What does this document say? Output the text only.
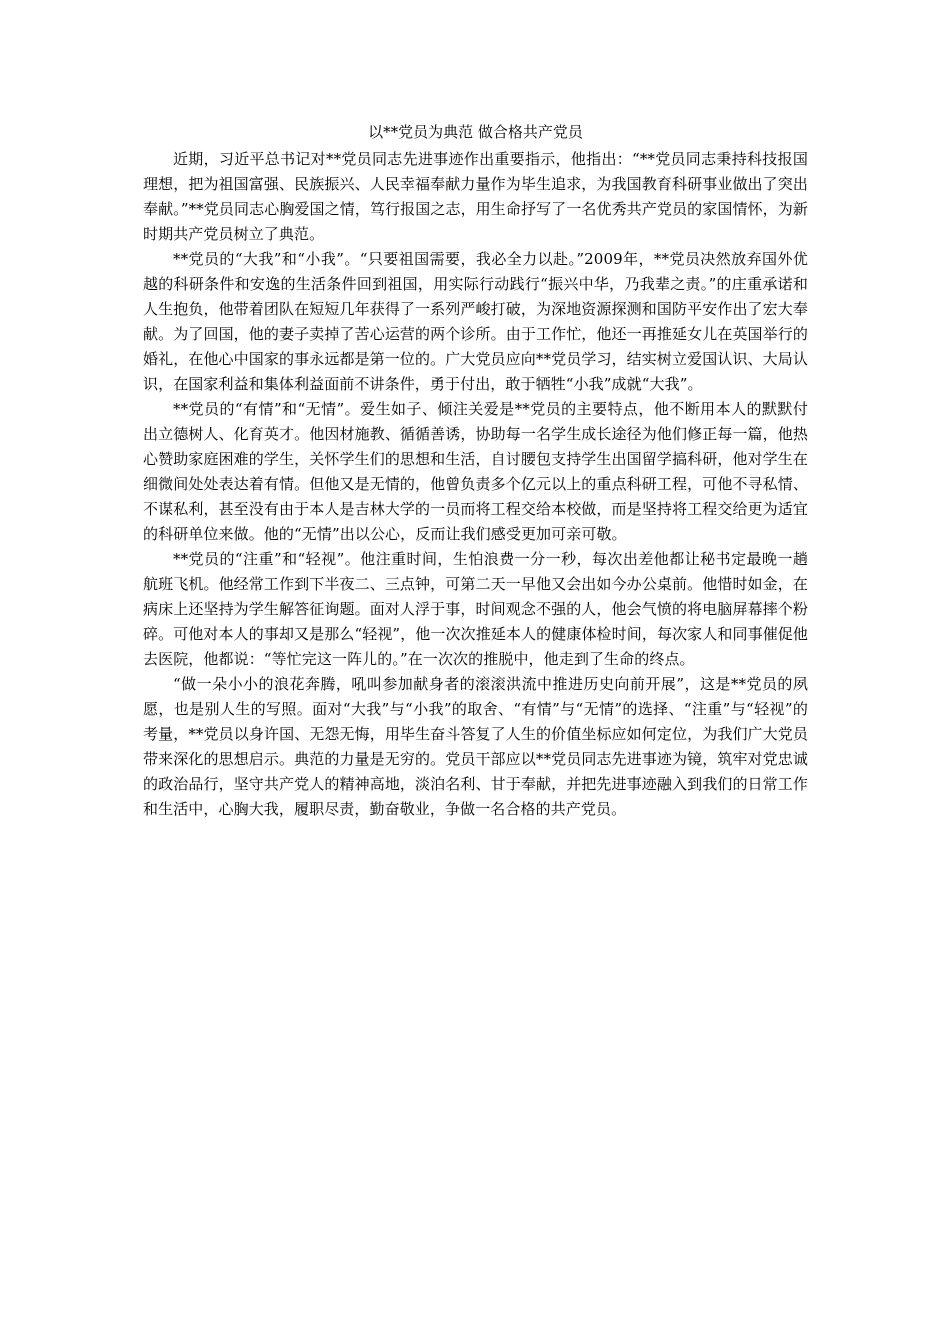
以**党员为典范 做合格共产党员

近期，习近平总书记对**党员同志先进事迹作出重要指示，他指出：“**党员同志秉持科技报国理想，把为祖国富强、民族振兴、人民幸福奉献力量作为毕生追求，为我国教育科研事业做出了突出奉献。”**党员同志心胸爱国之情，笃行报国之志，用生命抒写了一名优秀共产党员的家国情怀，为新时期共产党员树立了典范。

**党员的“大我”和“小我”。“只要祖国需要，我必全力以赴。”2009年，**党员决然放弃国外优越的科研条件和安逸的生活条件回到祖国，用实际行动践行“振兴中华，乃我辈之责。”的庄重承诺和人生抱负，他带着团队在短短几年获得了一系列严峻打破，为深地资源探测和国防平安作出了宏大奉献。为了回国，他的妻子卖掉了苦心运营的两个诊所。由于工作忙，他还一再推延女儿在英国举行的婚礼，在他心中国家的事永远都是第一位的。广大党员应向**党员学习，结实树立爱国认识、大局认识，在国家利益和集体利益面前不讲条件，勇于付出，敢于牺牲“小我”成就“大我”。

**党员的“有情”和“无情”。爱生如子、倾注关爱是**党员的主要特点，他不断用本人的默默付出立德树人、化育英才。他因材施教、循循善诱，协助每一名学生成长途径为他们修正每一篇，他热心赞助家庭困难的学生，关怀学生们的思想和生活，自讨腰包支持学生出国留学搞科研，他对学生在细微间处处表达着有情。但他又是无情的，他曾负责多个亿元以上的重点科研工程，可他不寻私情、不谋私利，甚至没有由于本人是吉林大学的一员而将工程交给本校做，而是坚持将工程交给更为适宜的科研单位来做。他的“无情”出以公心，反而让我们感受更加可亲可敬。

**党员的“注重”和“轻视”。他注重时间，生怕浪费一分一秒，每次出差他都让秘书定最晚一趟航班飞机。他经常工作到下半夜二、三点钟，可第二天一早他又会出如今办公桌前。他惜时如金，在病床上还坚持为学生解答征询题。面对人浮于事，时间观念不强的人，他会气愤的将电脑屏幕摔个粉碎。可他对本人的事却又是那么“轻视”，他一次次推延本人的健康体检时间，每次家人和同事催促他去医院，他都说：“等忙完这一阵儿的。”在一次次的推脱中，他走到了生命的终点。

“做一朵小小的浪花奔腾，吼叫参加献身者的滚滚洪流中推进历史向前开展”，这是**党员的夙愿，也是别人生的写照。面对“大我”与“小我”的取舍、“有情”与“无情”的选择、“注重”与“轻视”的考量，**党员以身许国、无怨无悔，用毕生奋斗答复了人生的价值坐标应如何定位，为我们广大党员带来深化的思想启示。典范的力量是无穷的。党员干部应以**党员同志先进事迹为镜，筑牢对党忠诚的政治品行，坚守共产党人的精神高地，淡泊名利、甘于奉献，并把先进事迹融入到我们的日常工作和生活中，心胸大我，履职尽责，勤奋敬业，争做一名合格的共产党员。
